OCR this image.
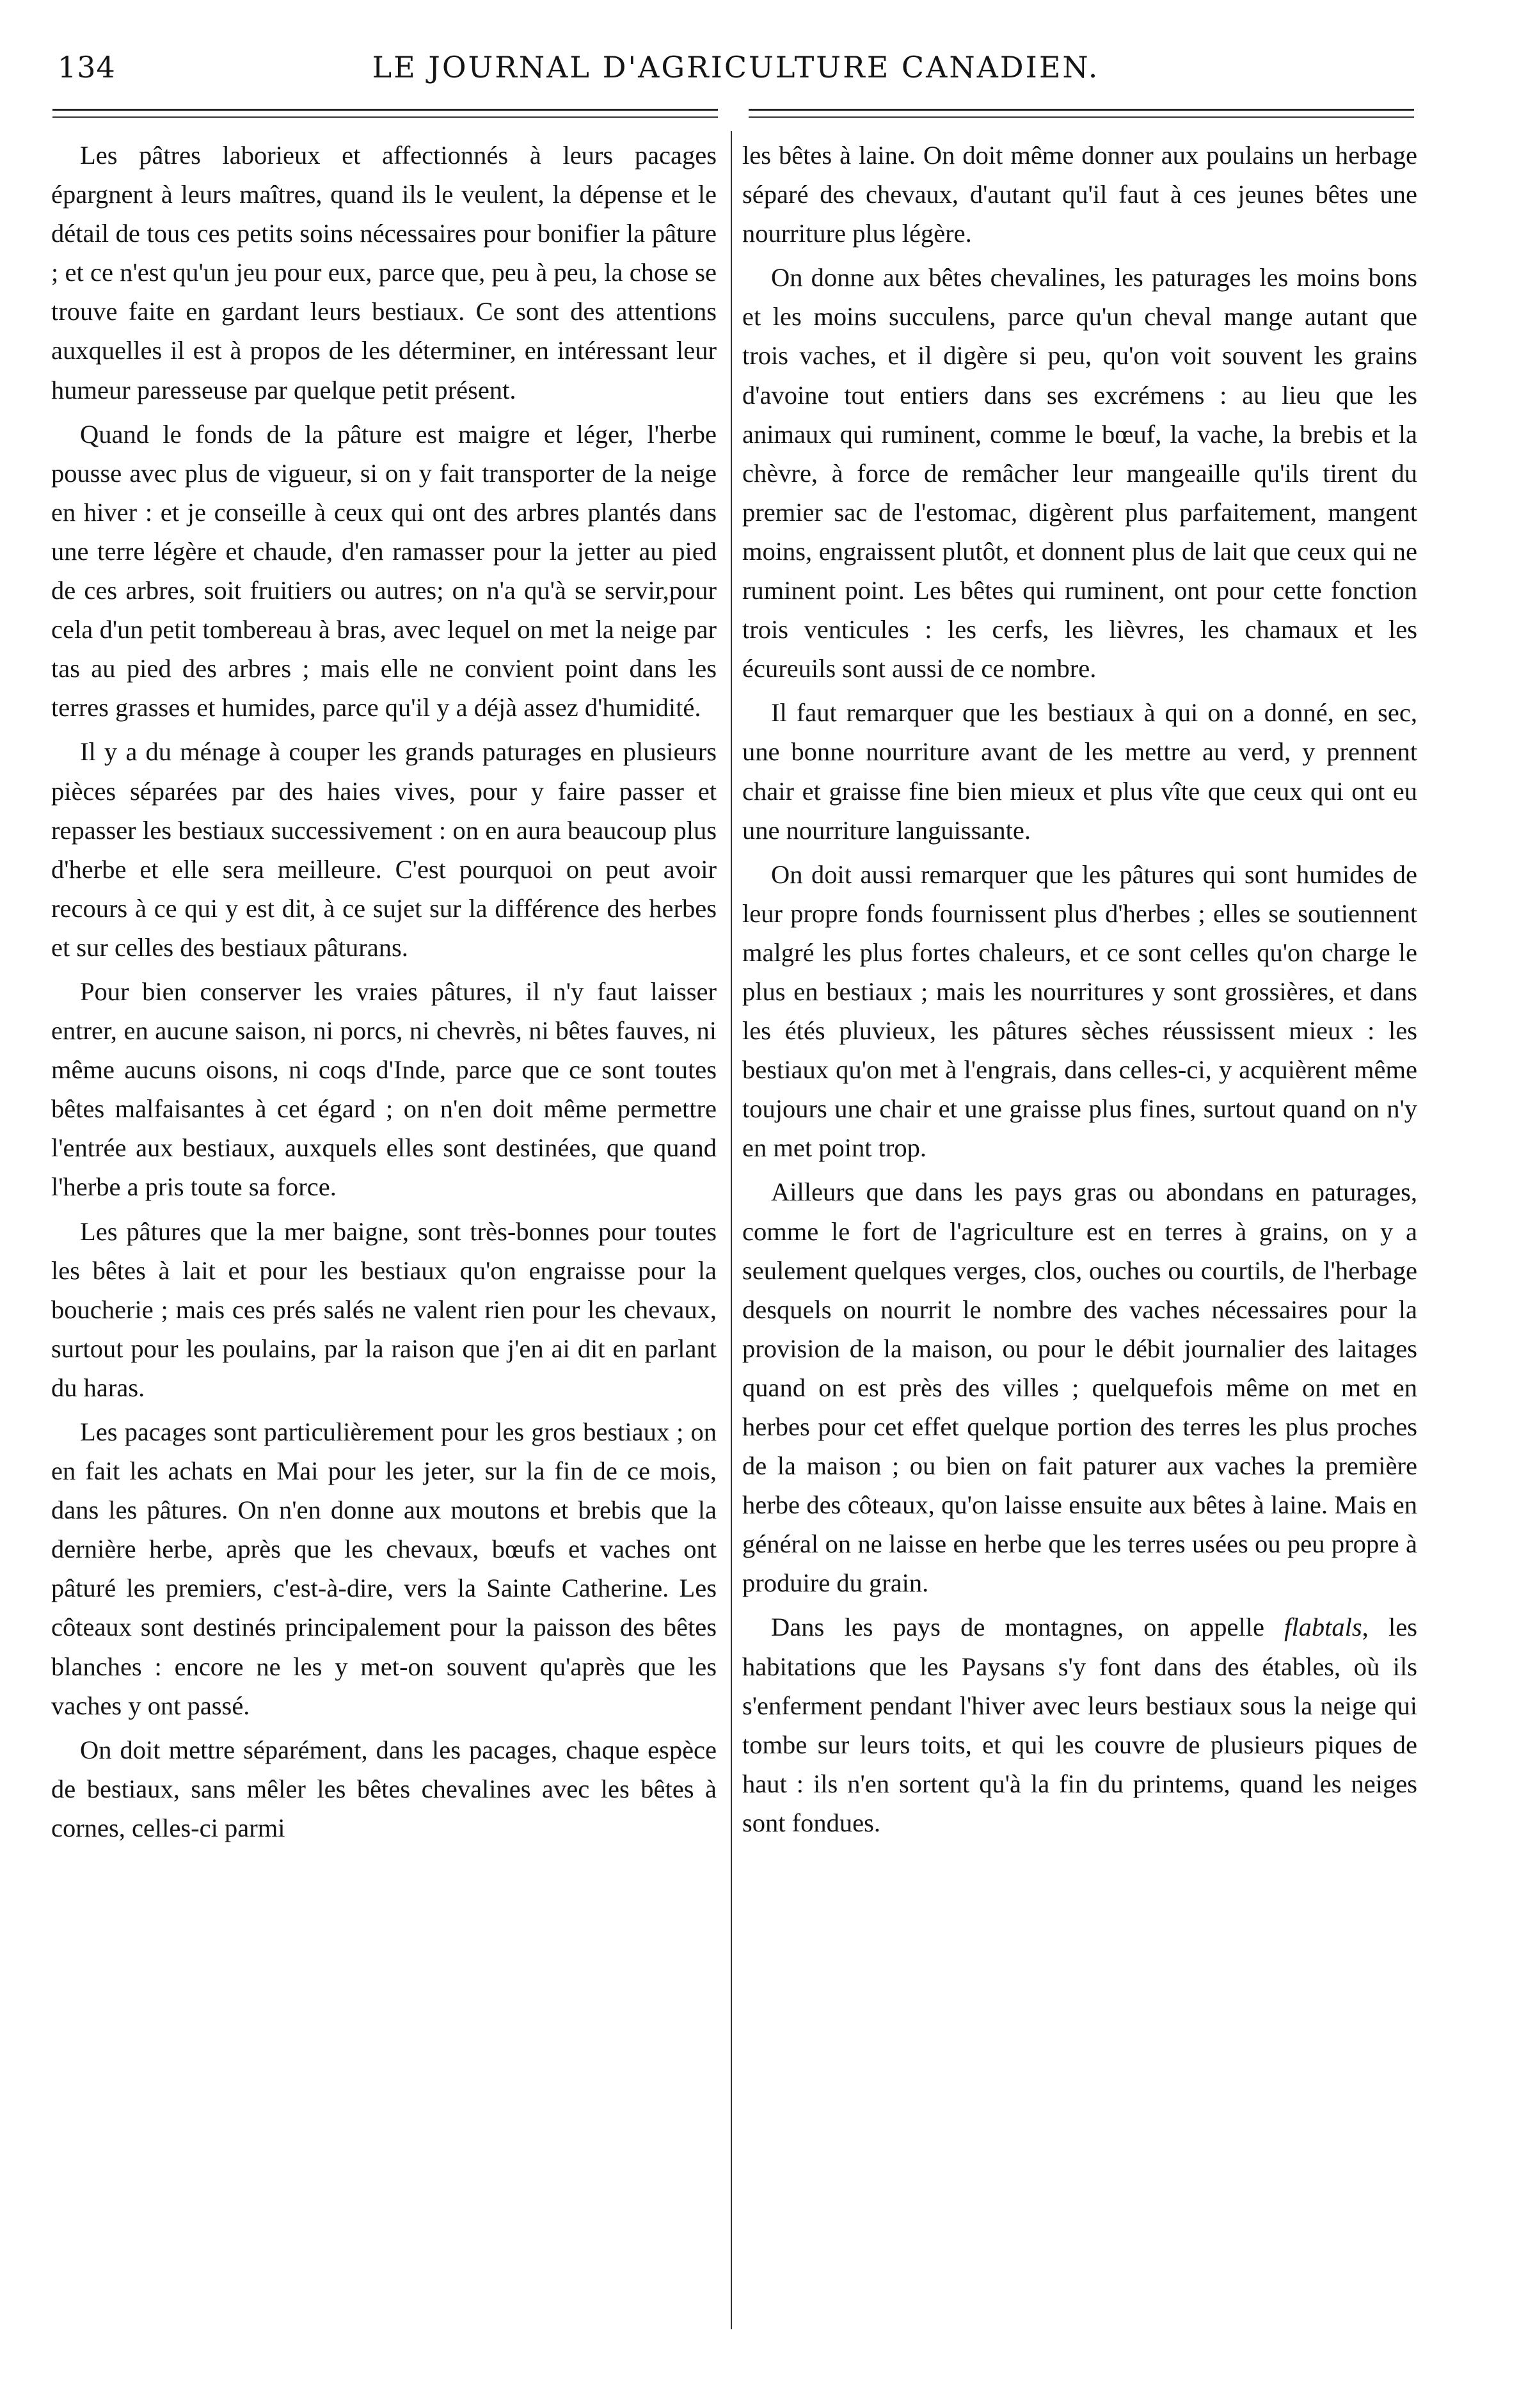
134	LE JOURNAL D'AGRICULTURE CANADIEN.

Les pâtres laborieux et affectionnés à leurs pacages épargnent à leurs maîtres, quand ils le veulent, la dépense et le détail de tous ces petits soins nécessaires pour bonifier la pâture ; et ce n'est qu'un jeu pour eux, parce que, peu à peu, la chose se trouve faite en gardant leurs bestiaux. Ce sont des attentions auxquelles il est à propos de les déterminer, en intéressant leur humeur paresseuse par quelque petit présent.

Quand le fonds de la pâture est maigre et léger, l'herbe pousse avec plus de vigueur, si on y fait transporter de la neige en hiver : et je conseille à ceux qui ont des arbres plantés dans une terre légère et chaude, d'en ramasser pour la jetter au pied de ces arbres, soit fruitiers ou autres; on n'a qu'à se servir,pour cela d'un petit tombereau à bras, avec lequel on met la neige par tas au pied des arbres ; mais elle ne convient point dans les terres grasses et humides, parce qu'il y a déjà assez d'humidité.

Il y a du ménage à couper les grands paturages en plusieurs pièces séparées par des haies vives, pour y faire passer et repasser les bestiaux successivement : on en aura beaucoup plus d'herbe et elle sera meilleure. C'est pourquoi on peut avoir recours à ce qui y est dit, à ce sujet sur la différence des herbes et sur celles des bestiaux pâturans.

Pour bien conserver les vraies pâtures, il n'y faut laisser entrer, en aucune saison, ni porcs, ni chevrès, ni bêtes fauves, ni même aucuns oisons, ni coqs d'Inde, parce que ce sont toutes bêtes malfaisantes à cet égard ; on n'en doit même permettre l'entrée aux bestiaux, auxquels elles sont destinées, que quand l'herbe a pris toute sa force.

Les pâtures que la mer baigne, sont très-bonnes pour toutes les bêtes à lait et pour les bestiaux qu'on engraisse pour la boucherie ; mais ces prés salés ne valent rien pour les chevaux, surtout pour les poulains, par la raison que j'en ai dit en parlant du haras.

Les pacages sont particulièrement pour les gros bestiaux ; on en fait les achats en Mai pour les jeter, sur la fin de ce mois, dans les pâtures. On n'en donne aux moutons et brebis que la dernière herbe, après que les chevaux, bœufs et vaches ont pâturé les premiers, c'est-à-dire, vers la Sainte Catherine. Les côteaux sont destinés principalement pour la paisson des bêtes blanches : encore ne les y met-on souvent qu'après que les vaches y ont passé.

On doit mettre séparément, dans les pacages, chaque espèce de bestiaux, sans mêler les bêtes chevalines avec les bêtes à cornes, celles-ci parmi

les bêtes à laine. On doit même donner aux poulains un herbage séparé des chevaux, d'autant qu'il faut à ces jeunes bêtes une nourriture plus légère.

On donne aux bêtes chevalines, les paturages les moins bons et les moins succulens, parce qu'un cheval mange autant que trois vaches, et il digère si peu, qu'on voit souvent les grains d'avoine tout entiers dans ses excrémens : au lieu que les animaux qui ruminent, comme le bœuf, la vache, la brebis et la chèvre, à force de remâcher leur mangeaille qu'ils tirent du premier sac de l'estomac, digèrent plus parfaitement, mangent moins, engraissent plutôt, et donnent plus de lait que ceux qui ne ruminent point. Les bêtes qui ruminent, ont pour cette fonction trois venticules : les cerfs, les lièvres, les chamaux et les écureuils sont aussi de ce nombre.

Il faut remarquer que les bestiaux à qui on a donné, en sec, une bonne nourriture avant de les mettre au verd, y prennent chair et graisse fine bien mieux et plus vîte que ceux qui ont eu une nourriture languissante.

On doit aussi remarquer que les pâtures qui sont humides de leur propre fonds fournissent plus d'herbes ; elles se soutiennent malgré les plus fortes chaleurs, et ce sont celles qu'on charge le plus en bestiaux ; mais les nourritures y sont grossières, et dans les étés pluvieux, les pâtures sèches réussissent mieux : les bestiaux qu'on met à l'engrais, dans celles-ci, y acquièrent même toujours une chair et une graisse plus fines, surtout quand on n'y en met point trop.

Ailleurs que dans les pays gras ou abondans en paturages, comme le fort de l'agriculture est en terres à grains, on y a seulement quelques verges, clos, ouches ou courtils, de l'herbage desquels on nourrit le nombre des vaches nécessaires pour la provision de la maison, ou pour le débit journalier des laitages quand on est près des villes ; quelquefois même on met en herbes pour cet effet quelque portion des terres les plus proches de la maison ; ou bien on fait paturer aux vaches la première herbe des côteaux, qu'on laisse ensuite aux bêtes à laine. Mais en général on ne laisse en herbe que les terres usées ou peu propre à produire du grain.

Dans les pays de montagnes, on appelle flabtals, les habitations que les Paysans s'y font dans des étables, où ils s'enferment pendant l'hiver avec leurs bestiaux sous la neige qui tombe sur leurs toits, et qui les couvre de plusieurs piques de haut : ils n'en sortent qu'à la fin du printems, quand les neiges sont fondues.
